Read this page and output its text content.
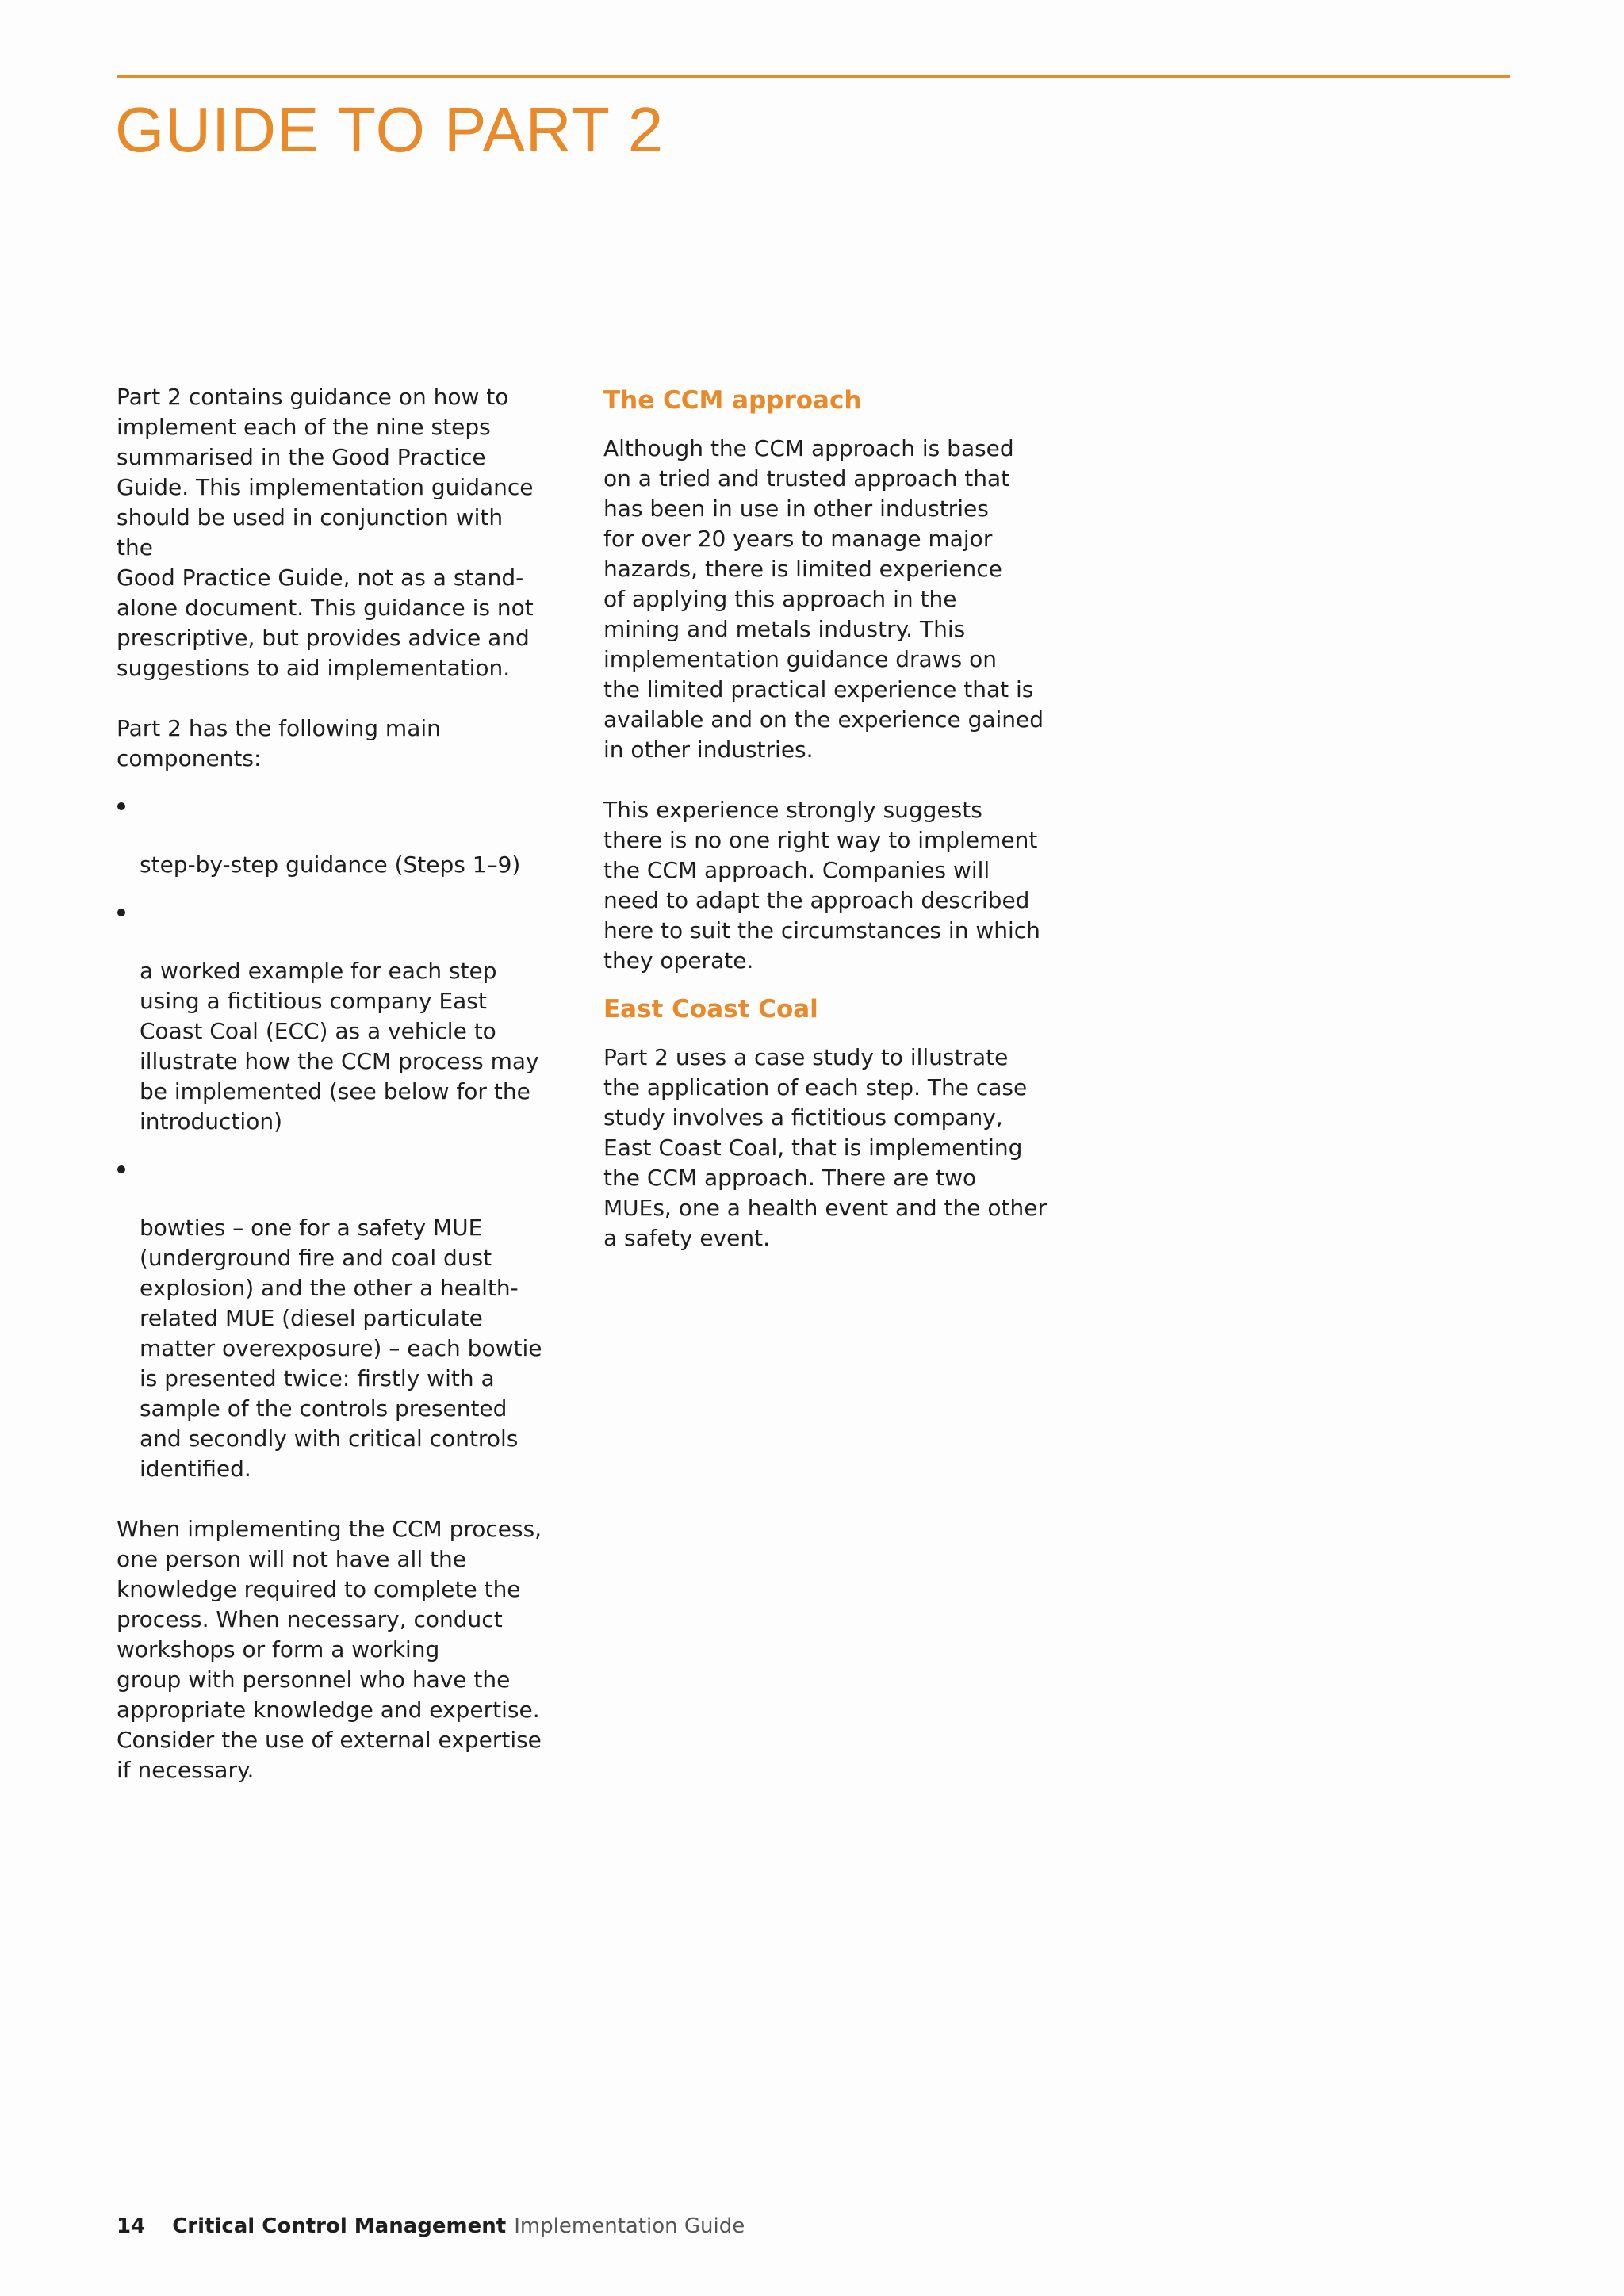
GUIDE TO PART 2

Part 2 contains guidance on how to
implement each of the nine steps
summarised in the Good Practice
Guide. This implementation guidance
should be used in conjunction with the
Good Practice Guide, not as a stand-
alone document. This guidance is not
prescriptive, but provides advice and
suggestions to aid implementation.

Part 2 has the following main
components:

step-by-step guidance (Steps 1–9)

a worked example for each step
using a fictitious company East
Coast Coal (ECC) as a vehicle to
illustrate how the CCM process may
be implemented (see below for the
introduction)

bowties – one for a safety MUE
(underground fire and coal dust
explosion) and the other a health-
related MUE (diesel particulate
matter overexposure) – each bowtie
is presented twice: firstly with a
sample of the controls presented
and secondly with critical controls
identified.

When implementing the CCM process,
one person will not have all the
knowledge required to complete the
process. When necessary, conduct
workshops or form a working
group with personnel who have the
appropriate knowledge and expertise.
Consider the use of external expertise
if necessary.

The CCM approach

Although the CCM approach is based
on a tried and trusted approach that
has been in use in other industries
for over 20 years to manage major
hazards, there is limited experience
of applying this approach in the
mining and metals industry. This
implementation guidance draws on
the limited practical experience that is
available and on the experience gained
in other industries.

This experience strongly suggests
there is no one right way to implement
the CCM approach. Companies will
need to adapt the approach described
here to suit the circumstances in which
they operate.

East Coast Coal

Part 2 uses a case study to illustrate
the application of each step. The case
study involves a fictitious company,
East Coast Coal, that is implementing
the CCM approach. There are two
MUEs, one a health event and the other
a safety event.

14 Critical Control Management Implementation Guide
